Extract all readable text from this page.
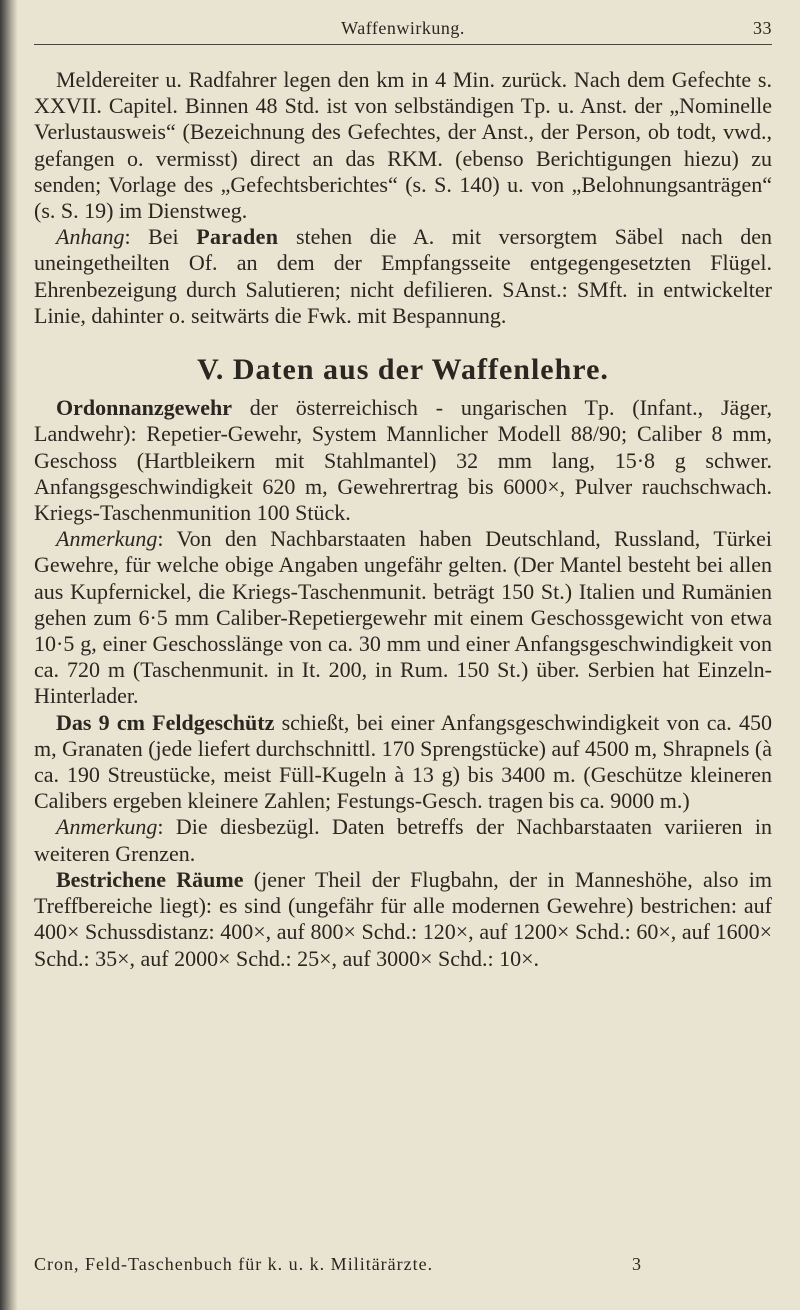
Waffenwirkung.	33

Meldereiter u. Radfahrer legen den km in 4 Min. zurück. Nach dem Gefechte s. XXVII. Capitel. Binnen 48 Std. ist von selbständigen Tp. u. Anst. der „Nominelle Verlustausweis“ (Bezeichnung des Gefechtes, der Anst., der Person, ob todt, vwd., gefangen o. vermisst) direct an das RKM. (ebenso Berichtigungen hiezu) zu senden; Vorlage des „Gefechtsberichtes“ (s. S. 140) u. von „Belohnungsanträgen“ (s. S. 19) im Dienstweg.

Anhang: Bei Paraden stehen die A. mit versorgtem Säbel nach den uneingetheilten Of. an dem der Empfangsseite entgegengesetzten Flügel. Ehrenbezeigung durch Salutieren; nicht defilieren. SAnst.: SMft. in entwickelter Linie, dahinter o. seitwärts die Fwk. mit Bespannung.

V. Daten aus der Waffenlehre.

Ordonnanzgewehr der österreichisch - ungarischen Tp. (Infant., Jäger, Landwehr): Repetier-Gewehr, System Mannlicher Modell 88/90; Caliber 8 mm, Geschoss (Hartbleikern mit Stahlmantel) 32 mm lang, 15·8 g schwer. Anfangsgeschwindigkeit 620 m, Gewehrertrag bis 6000×, Pulver rauchschwach. Kriegs-Taschenmunition 100 Stück.

Anmerkung: Von den Nachbarstaaten haben Deutschland, Russland, Türkei Gewehre, für welche obige Angaben ungefähr gelten. (Der Mantel besteht bei allen aus Kupfernickel, die Kriegs-Taschenmunit. beträgt 150 St.) Italien und Rumänien gehen zum 6·5 mm Caliber-Repetiergewehr mit einem Geschossgewicht von etwa 10·5 g, einer Geschosslänge von ca. 30 mm und einer Anfangsgeschwindigkeit von ca. 720 m (Taschenmunit. in It. 200, in Rum. 150 St.) über. Serbien hat Einzeln-Hinterlader.

Das 9 cm Feldgeschütz schießt, bei einer Anfangsgeschwindigkeit von ca. 450 m, Granaten (jede liefert durchschnittl. 170 Sprengstücke) auf 4500 m, Shrapnels (à ca. 190 Streustücke, meist Füll-Kugeln à 13 g) bis 3400 m. (Geschütze kleineren Calibers ergeben kleinere Zahlen; Festungs-Gesch. tragen bis ca. 9000 m.)

Anmerkung: Die diesbezügl. Daten betreffs der Nachbarstaaten variieren in weiteren Grenzen.

Bestrichene Räume (jener Theil der Flugbahn, der in Manneshöhe, also im Treffbereiche liegt): es sind (ungefähr für alle modernen Gewehre) bestrichen: auf 400× Schussdistanz: 400×, auf 800× Schd.: 120×, auf 1200× Schd.: 60×, auf 1600× Schd.: 35×, auf 2000× Schd.: 25×, auf 3000× Schd.: 10×.

Cron, Feld-Taschenbuch für k. u. k. Militärärzte.	3
